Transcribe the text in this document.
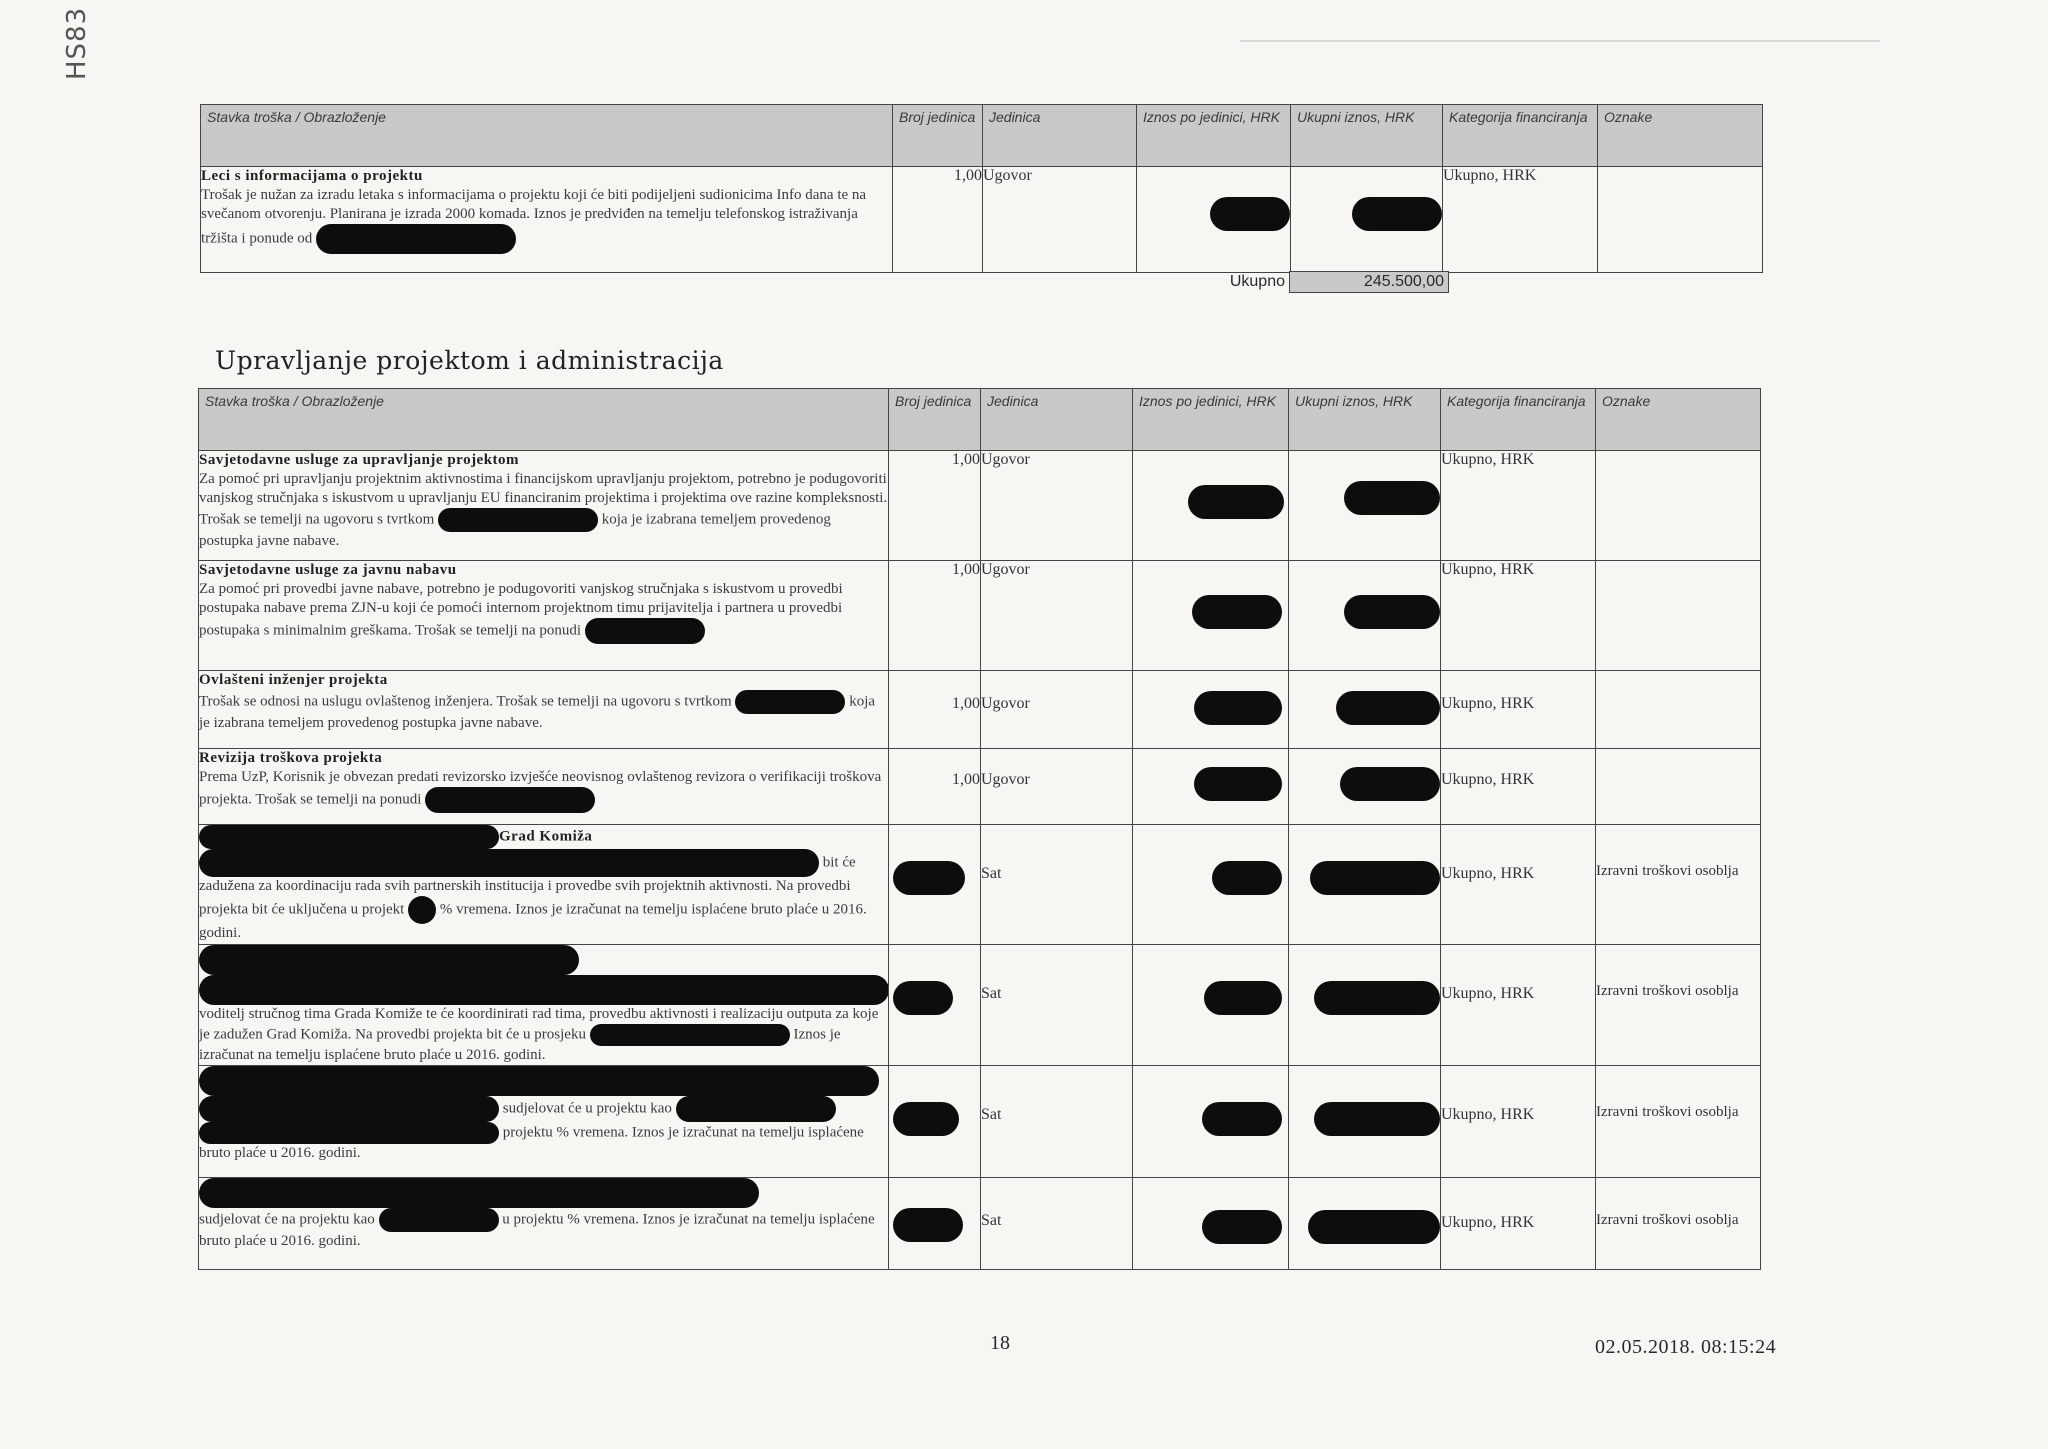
HS83
Stavka troška / Obrazloženje	Broj jedinica	Jedinica	Iznos po jedinici, HRK	Ukupni iznos, HRK	Kategorija financiranja	Oznake

Leci s informacijama o projektu
Trošak je nužan za izradu letaka s informacijama o projektu koji će biti podijeljeni sudionicima Info dana te na svečanom otvorenju. Planirana je izrada 2000 komada. Iznos je predviđen na temelju telefonskog istraživanja tržišta i ponude od	1,00	Ugovor			Ukupno, HRK	
Ukupno	245.500,00
Upravljanje projektom i administracija
Stavka troška / Obrazloženje	Broj jedinica	Jedinica	Iznos po jedinici, HRK	Ukupni iznos, HRK	Kategorija financiranja	Oznake

Savjetodavne usluge za upravljanje projektom
Za pomoć pri upravljanju projektnim aktivnostima i financijskom upravljanju projektom, potrebno je podugovoriti vanjskog stručnjaka s iskustvom u upravljanju EU financiranim projektima i projektima ove razine kompleksnosti. Trošak se temelji na ugovoru s tvrtkom koja je izabrana temeljem provedenog postupka javne nabave.	1,00	Ugovor			Ukupno, HRK	

Savjetodavne usluge za javnu nabavu
Za pomoć pri provedbi javne nabave, potrebno je podugovoriti vanjskog stručnjaka s iskustvom u provedbi postupaka nabave prema ZJN-u koji će pomoći internom projektnom timu prijavitelja i partnera u provedbi postupaka s minimalnim greškama. Trošak se temelji na ponudi	1,00	Ugovor			Ukupno, HRK	

Ovlašteni inženjer projekta
Trošak se odnosi na uslugu ovlaštenog inženjera. Trošak se temelji na ugovoru s tvrtkom koja je izabrana temeljem provedenog postupka javne nabave.	1,00	Ugovor			Ukupno, HRK	

Revizija troškova projekta
Prema UzP, Korisnik je obvezan predati revizorsko izvješće neovisnog ovlaštenog revizora o verifikaciji troškova projekta. Trošak se temelji na ponudi	1,00	Ugovor			Ukupno, HRK	
Grad Komiža
bit će zadužena za koordinaciju rada svih partnerskih institucija i provedbe svih projektnih aktivnosti. Na provedbi projekta bit će uključena u projekt % vremena. Iznos je izračunat na temelju isplaćene bruto plaće u 2016. godini.		Sat			Ukupno, HRK	Izravni troškovi osoblja

voditelj stručnog tima Grada Komiže te će koordinirati rad tima, provedbu aktivnosti i realizaciju outputa za koje je zadužen Grad Komiža. Na provedbi projekta bit će u prosjeku Iznos je izračunat na temelju isplaćene bruto plaće u 2016. godini.		Sat			Ukupno, HRK	Izravni troškovi osoblja

sudjelovat će u projektu kao
projektu % vremena. Iznos je izračunat na temelju isplaćene bruto plaće u 2016. godini.		Sat			Ukupno, HRK	Izravni troškovi osoblja

sudjelovat će na projektu kao u projektu % vremena. Iznos je izračunat na temelju isplaćene bruto plaće u 2016. godini.		Sat			Ukupno, HRK	Izravni troškovi osoblja
18	02.05.2018. 08:15:24
